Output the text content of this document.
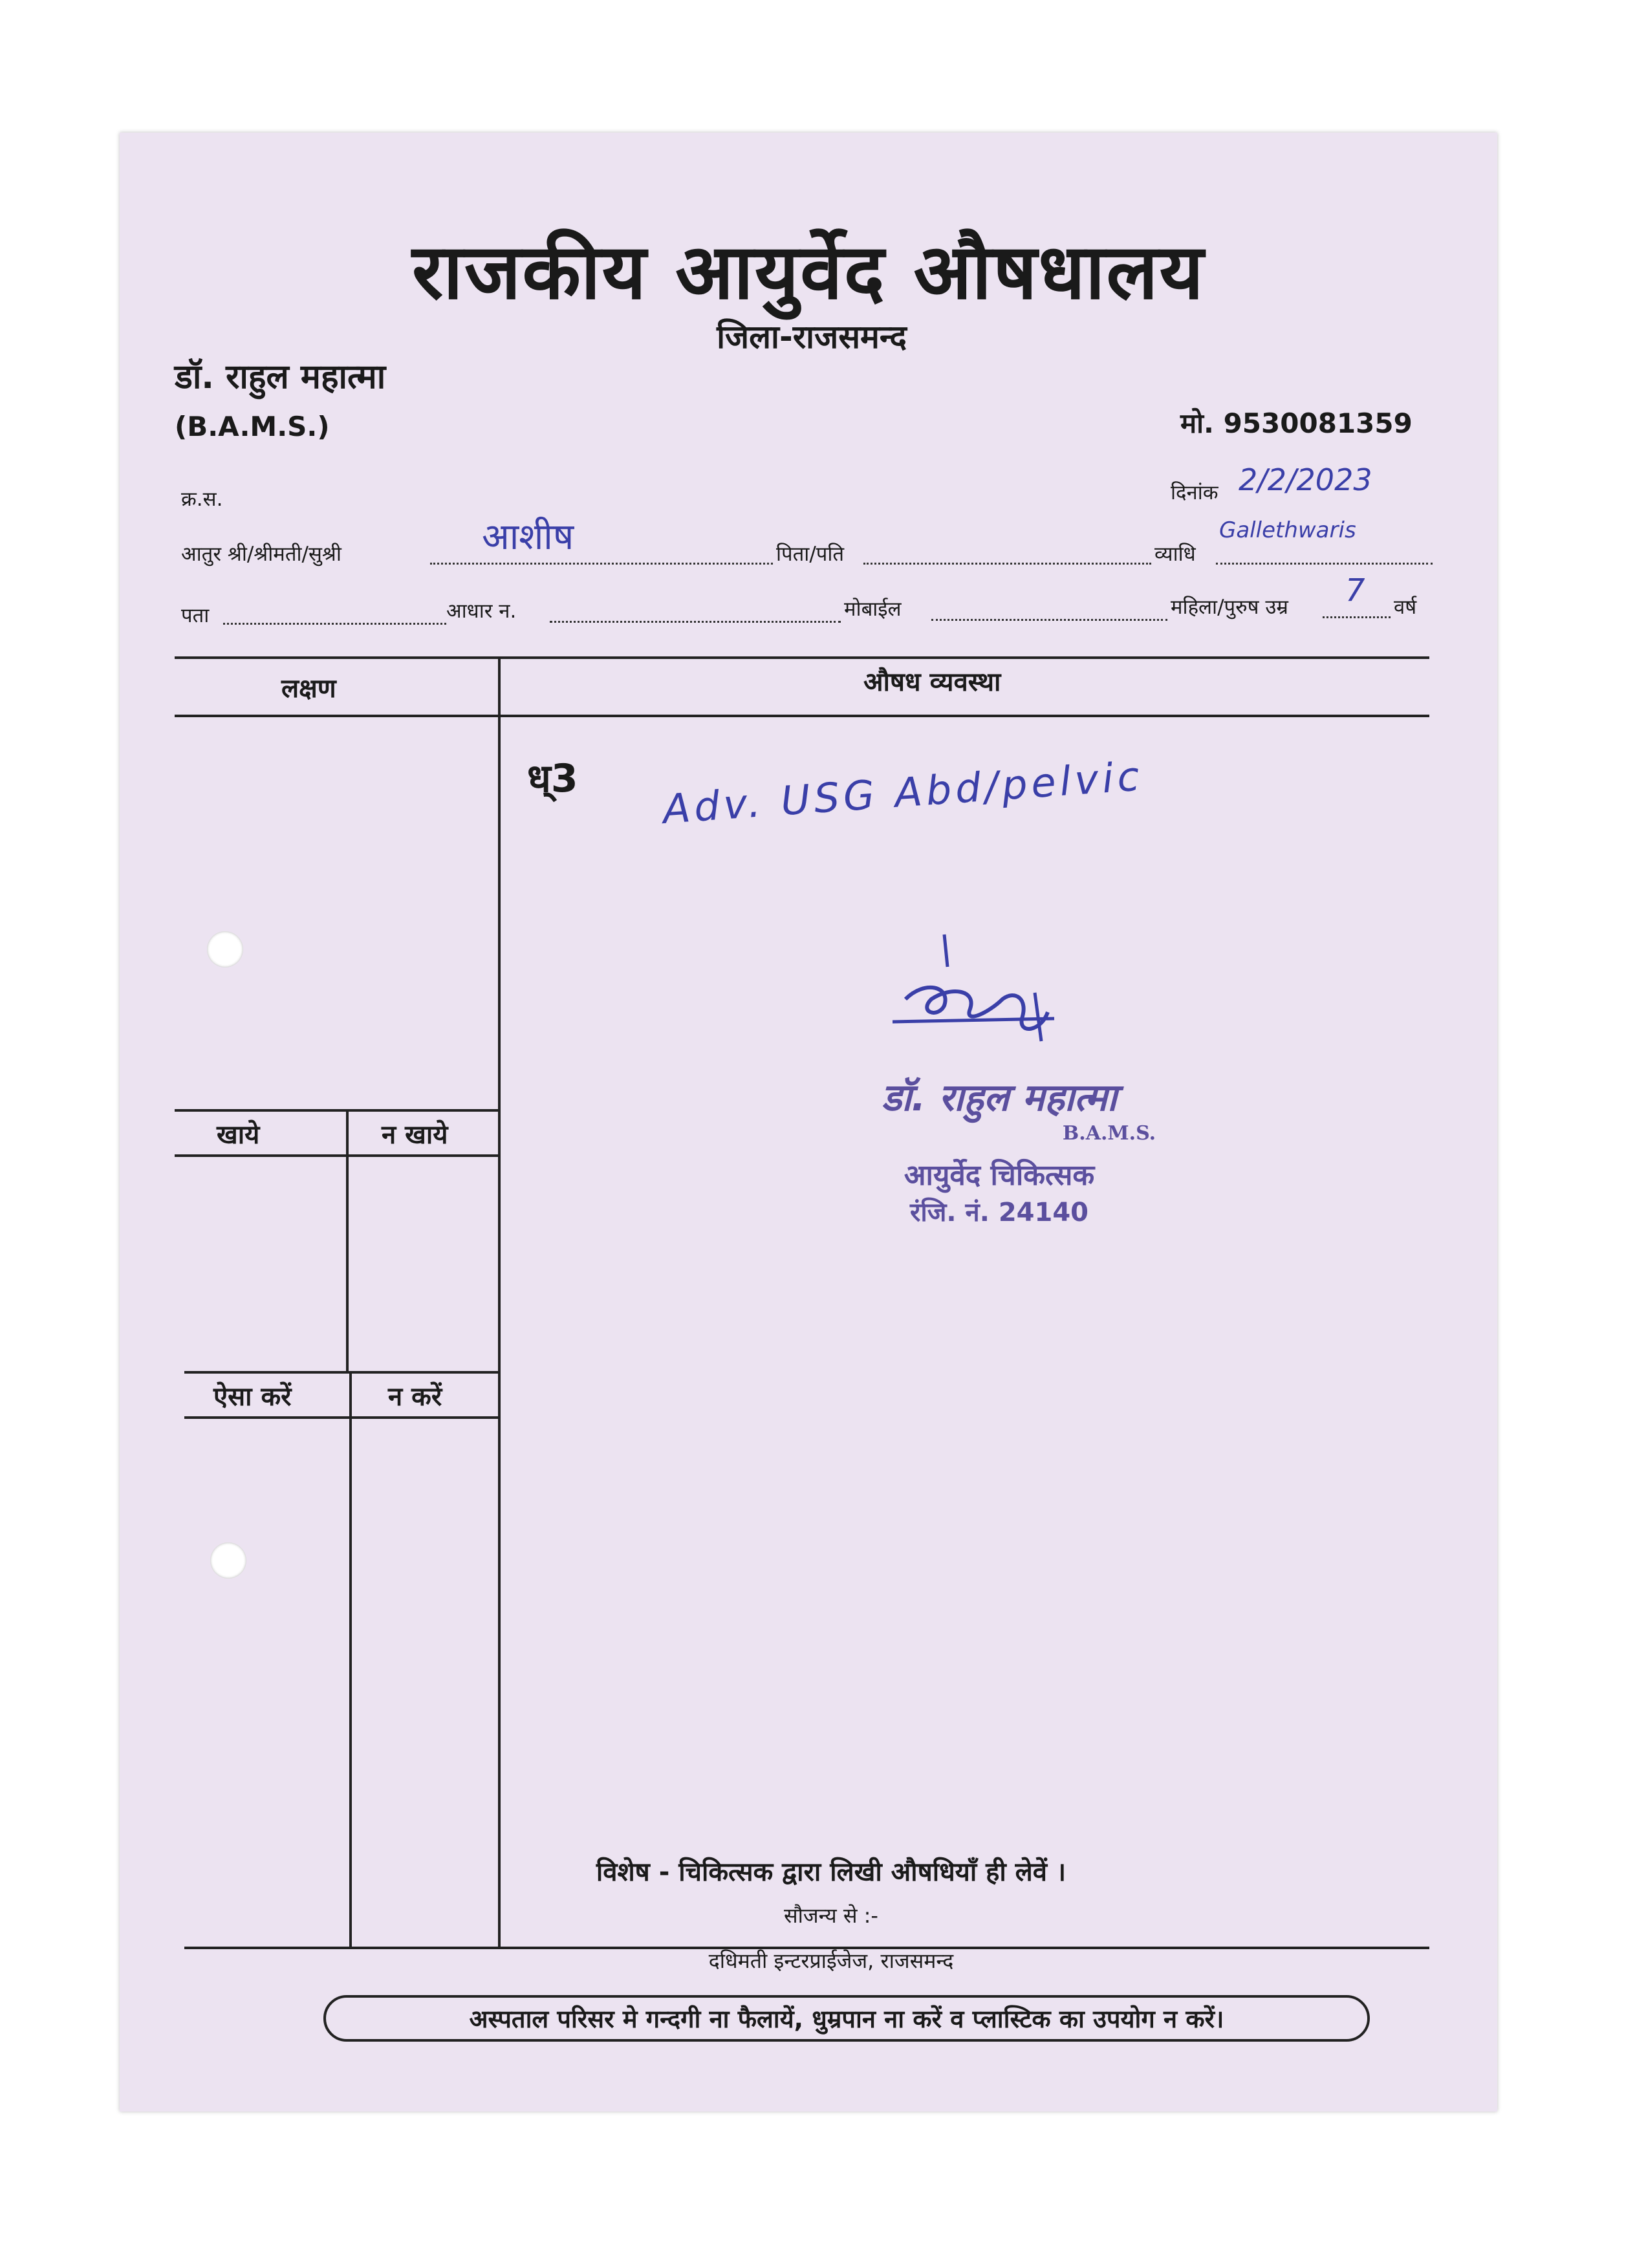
राजकीय आयुर्वेद औषधालय
जिला-राजसमन्द
डॉ. राहुल महात्मा
(B.A.M.S.)	मो. 9530081359
क्र.स.	दिनांक 2/2/2023
आतुर श्री/श्रीमती/सुश्री	आशीष	पिता/पति	व्याधि
Gallethwaris
पता	आधार न.	मोबाईल	महिला/पुरुष उम्र 7 वर्ष
लक्षण	औषध व्यवस्था
खाये	न खाये
ऐसा करें	न करें
ध्3 Adv. USG Abd/pelvic
डॉ. राहुल महात्मा
B.A.M.S.
आयुर्वेद चिकित्सक
रंजि. नं. 24140
विशेष - चिकित्सक द्वारा लिखी औषधियाँ ही लेवें ।
सौजन्य से :-
दधिमती इन्टरप्राईजेज, राजसमन्द
अस्पताल परिसर मे गन्दगी ना फैलायें, धुम्रपान ना करें व प्लास्टिक का उपयोग न करें।
